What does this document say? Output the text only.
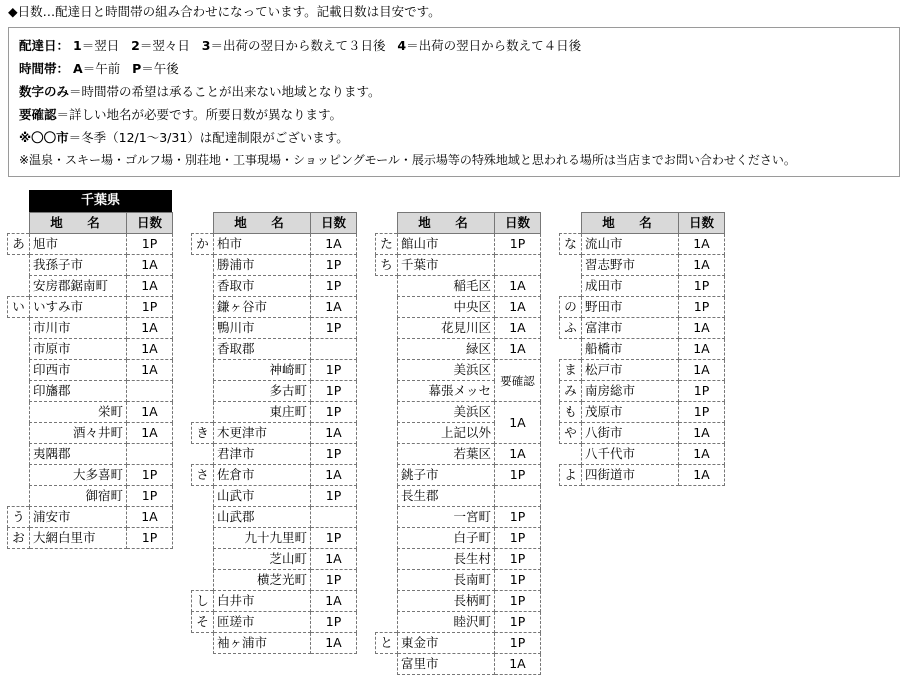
◆日数…配達日と時間帯の組み合わせになっています。記載日数は目安です。
配達日： 1＝翌日 2＝翌々日 3＝出荷の翌日から数えて３日後 4＝出荷の翌日から数えて４日後
時間帯： A＝午前 P＝午後
数字のみ＝時間帯の希望は承ることが出来ない地域となります。
要確認＝詳しい地名が必要です。所要日数が異なります。
※〇〇市＝冬季（12/1～3/31）は配達制限がございます。
※温泉・スキー場・ゴルフ場・別荘地・工事現場・ショッピングモール・展示場等の特殊地域と思われる場所は当店までお問い合わせください。
千葉県
	地　名	日数
あ	旭市	1P
	我孫子市	1A
	安房郡鋸南町	1A
い	いすみ市	1P
	市川市	1A
	市原市	1A
	印西市	1A
	印旛郡	
	栄町	1A
	酒々井町	1A
	夷隅郡	
	大多喜町	1P
	御宿町	1P
う	浦安市	1A
お	大網白里市	1P
	地　名	日数
か	柏市	1A
	勝浦市	1P
	香取市	1P
	鎌ヶ谷市	1A
	鴨川市	1P
	香取郡	
	神崎町	1P
	多古町	1P
	東庄町	1P
き	木更津市	1A
	君津市	1P
さ	佐倉市	1A
	山武市	1P
	山武郡	
	九十九里町	1P
	芝山町	1A
	横芝光町	1P
し	白井市	1A
そ	匝瑳市	1P
	袖ヶ浦市	1A
	地　名	日数
た	館山市	1P
ち	千葉市	
	稲毛区	1A
	中央区	1A
	花見川区	1A
	緑区	1A
	美浜区	要確認
	幕張メッセ	
	美浜区	1A
	上記以外	
	若葉区	1A
	銚子市	1P
	長生郡	
	一宮町	1P
	白子町	1P
	長生村	1P
	長南町	1P
	長柄町	1P
	睦沢町	1P
と	東金市	1P
	富里市	1A
	地　名	日数
な	流山市	1A
	習志野市	1A
	成田市	1P
の	野田市	1P
ふ	富津市	1A
	船橋市	1A
ま	松戸市	1A
み	南房総市	1P
も	茂原市	1P
や	八街市	1A
	八千代市	1A
よ	四街道市	1A
